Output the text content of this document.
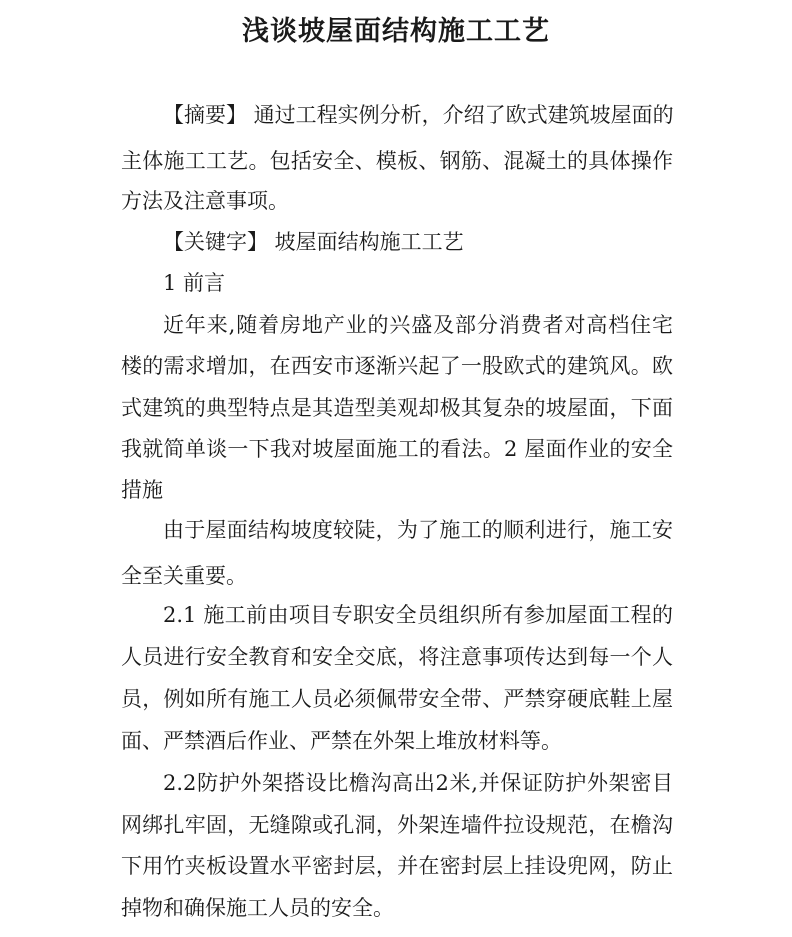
浅谈坡屋面结构施工工艺
【摘要】 通过工程实例分析，介绍了欧式建筑坡屋面的
主体施工工艺。包括安全、模板、钢筋、混凝土的具体操作
方法及注意事项。
【关键字】 坡屋面结构施工工艺
1 前言
近年来,随着房地产业的兴盛及部分消费者对高档住宅
楼的需求增加，在西安市逐渐兴起了一股欧式的建筑风。欧
式建筑的典型特点是其造型美观却极其复杂的坡屋面，下面
我就简单谈一下我对坡屋面施工的看法。2 屋面作业的安全
措施
由于屋面结构坡度较陡，为了施工的顺利进行，施工安
全至关重要。
2.1 施工前由项目专职安全员组织所有参加屋面工程的
人员进行安全教育和安全交底，将注意事项传达到每一个人
员，例如所有施工人员必须佩带安全带、严禁穿硬底鞋上屋
面、严禁酒后作业、严禁在外架上堆放材料等。
2.2防护外架搭设比檐沟高出2米,并保证防护外架密目
网绑扎牢固，无缝隙或孔洞，外架连墙件拉设规范，在檐沟
下用竹夹板设置水平密封层，并在密封层上挂设兜网，防止
掉物和确保施工人员的安全。
